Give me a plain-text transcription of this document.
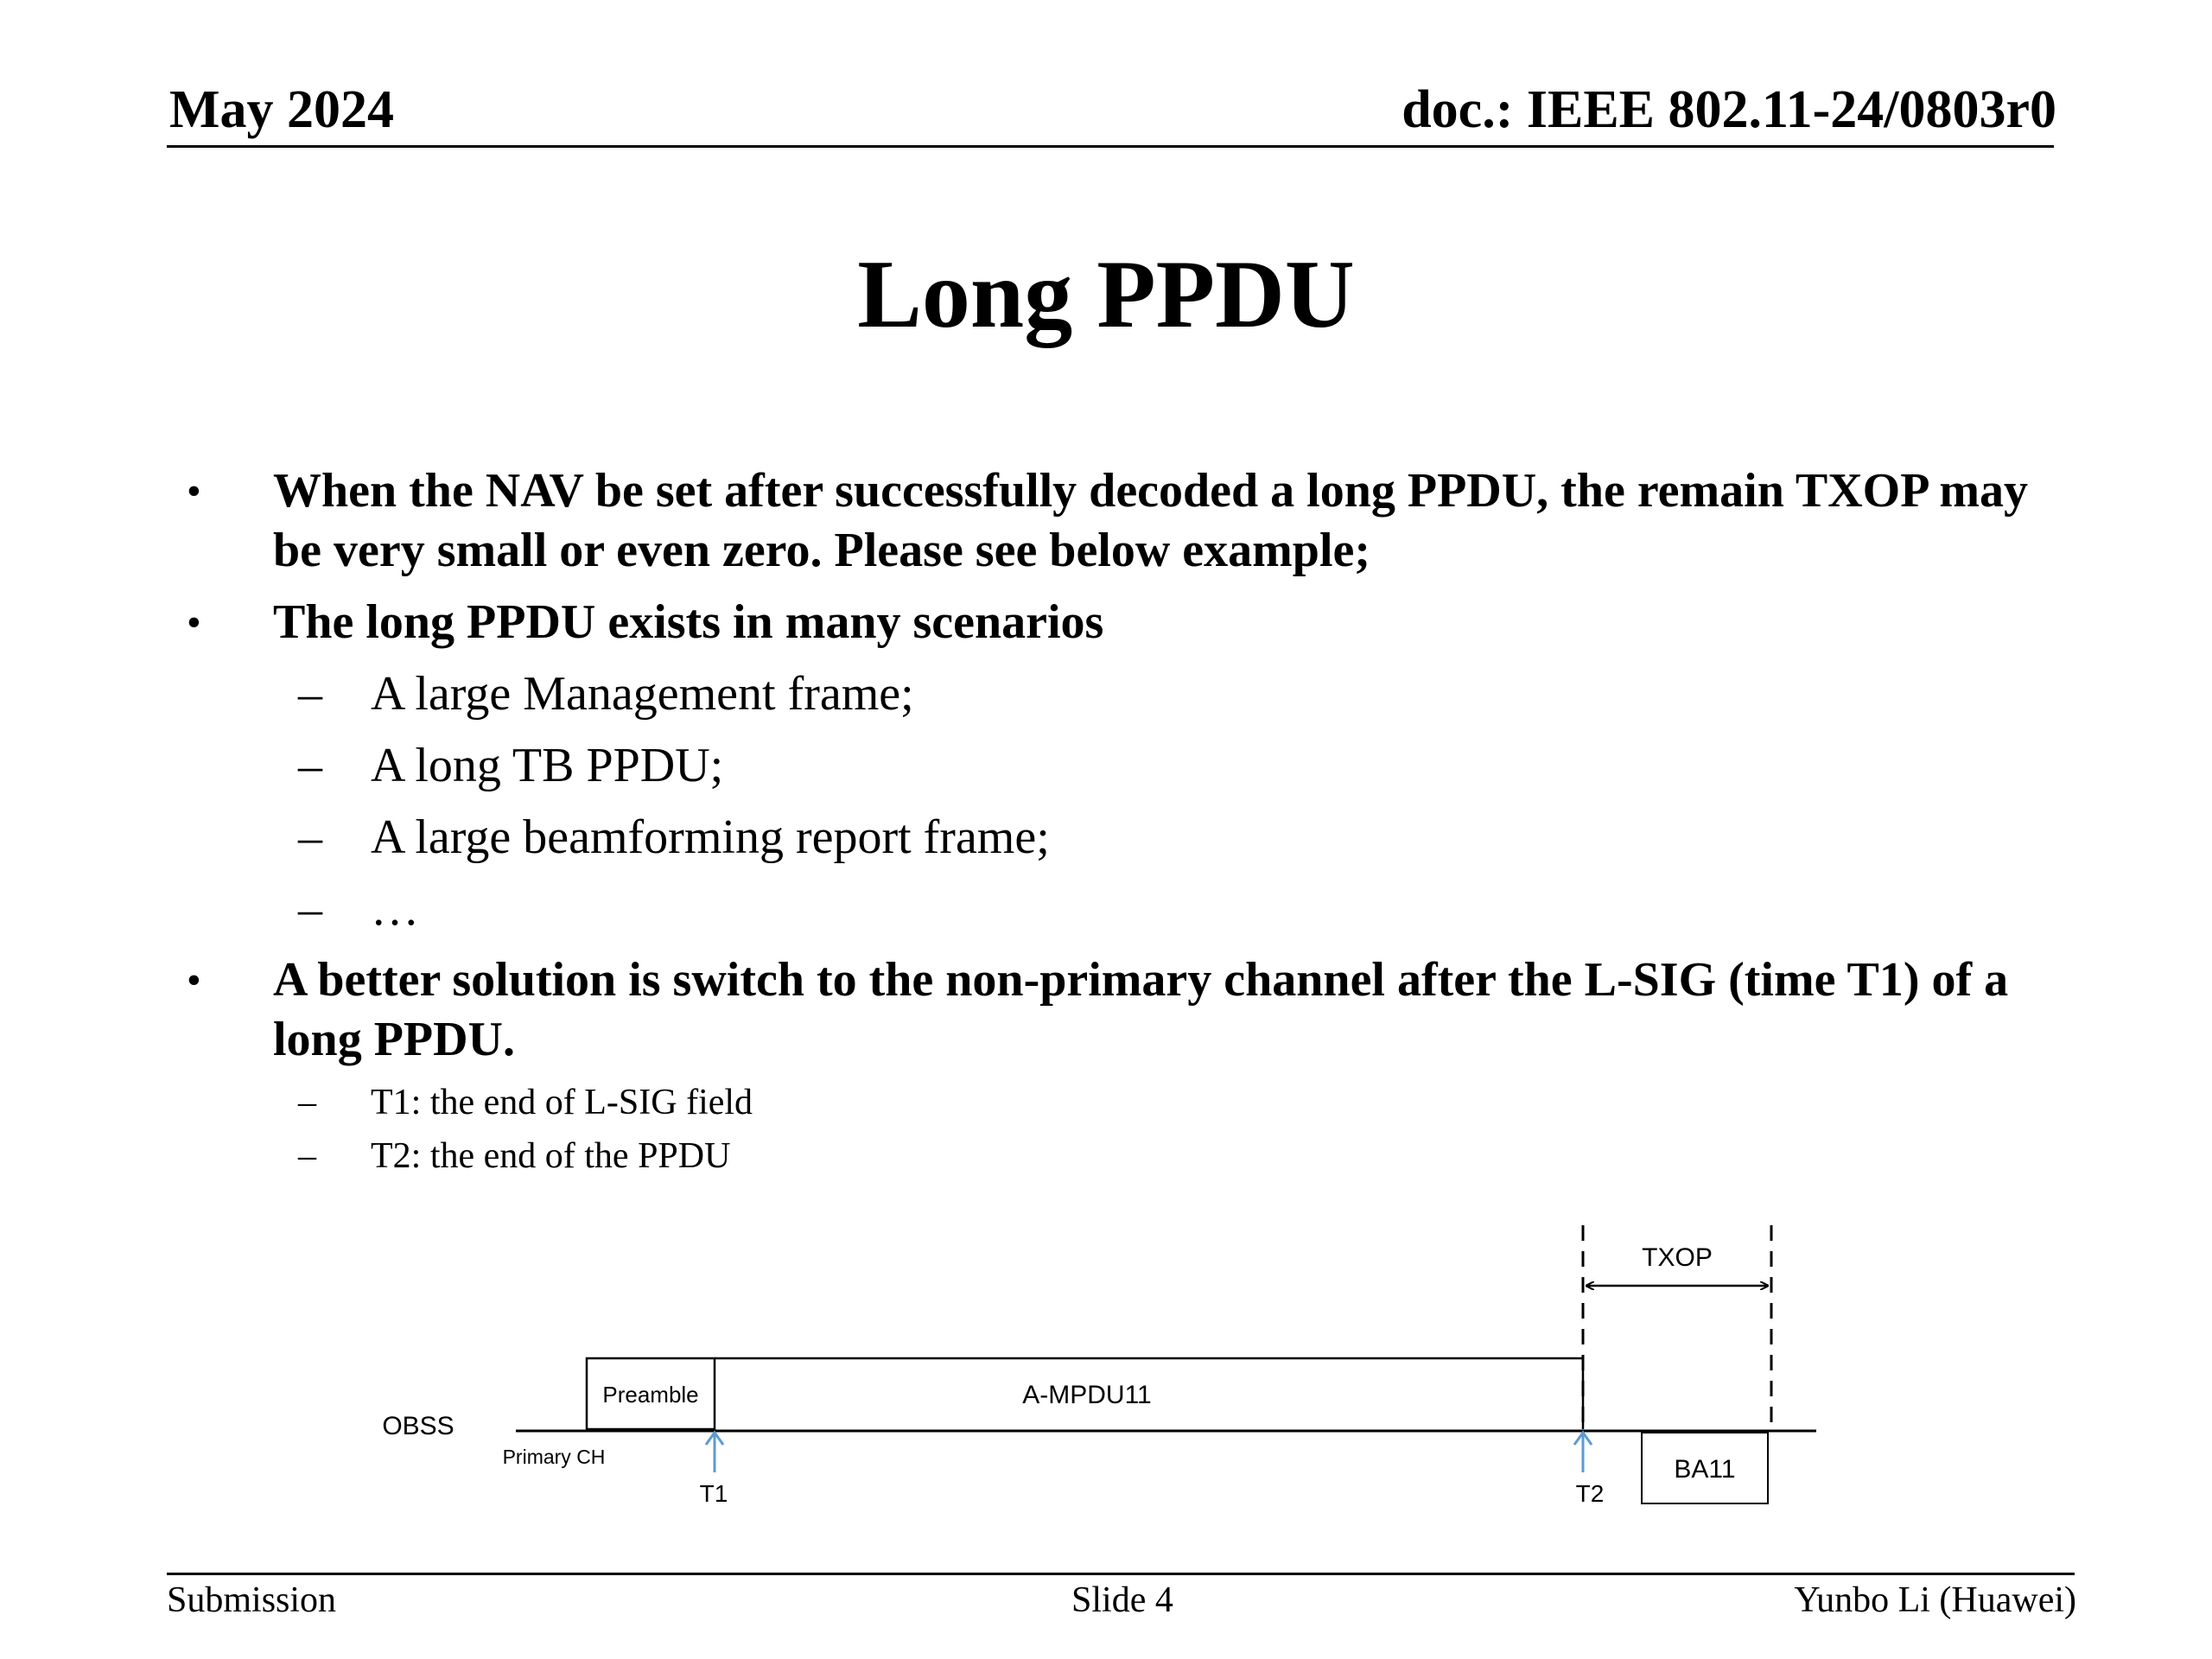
May 2024	doc.: IEEE 802.11-24/0803r0
Long PPDU
• When the NAV be set after successfully decoded a long PPDU, the remain TXOP may be very small or even zero. Please see below example;
• The long PPDU exists in many scenarios
– A large Management frame;
– A long TB PPDU;
– A large beamforming report frame;
– …
• A better solution is switch to the non-primary channel after the L-SIG (time T1) of a long PPDU.
– T1: the end of L-SIG field
– T2: the end of the PPDU
TXOP
Preamble	A-MPDU11
OBSS
Primary CH	BA11
T1	T2
Submission	Slide 4	Yunbo Li (Huawei)
